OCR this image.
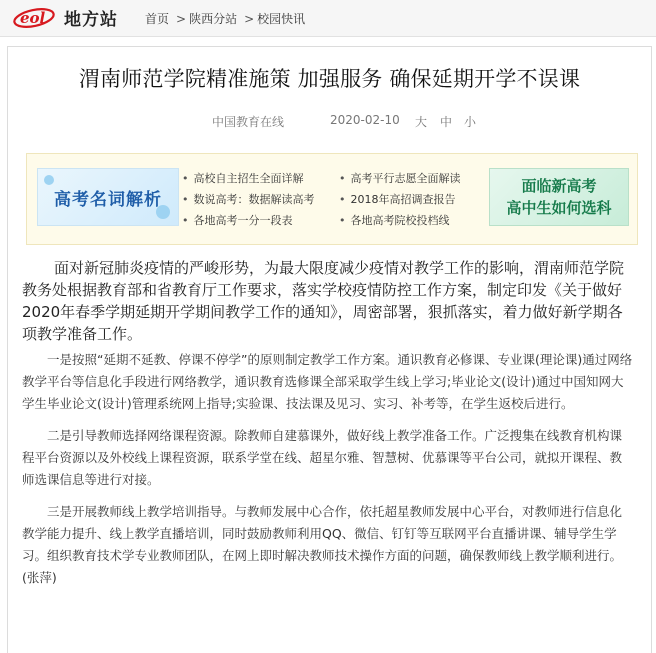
eol 地方站 首页 > 陕西分站 > 校园快讯
渭南师范学院精准施策 加强服务 确保延期开学不误课
中国教育在线	2020-02-10 大 中 小
高考名词解析
• 高校自主招生全面详解
• 数说高考：数据解读高考
• 各地高考一分一段表
• 高考平行志愿全面解读
• 2018年高招调查报告
• 各地高考院校投档线
面临新高考
高中生如何选科

面对新冠肺炎疫情的严峻形势，为最大限度减少疫情对教学工作的影响，渭南师范学院教务处根据教育部和省教育厅工作要求，落实学校疫情防控工作方案，制定印发《关于做好2020年春季学期延期开学期间教学工作的通知》，周密部署，狠抓落实，着力做好新学期各项教学准备工作。

一是按照“延期不延教、停课不停学”的原则制定教学工作方案。通识教育必修课、专业课(理论课)通过网络教学平台等信息化手段进行网络教学，通识教育选修课全部采取学生线上学习;毕业论文(设计)通过中国知网大学生毕业论文(设计)管理系统网上指导;实验课、技法课及见习、实习、补考等，在学生返校后进行。

二是引导教师选择网络课程资源。除教师自建慕课外，做好线上教学准备工作。广泛搜集在线教育机构课程平台资源以及外校线上课程资源，联系学堂在线、超星尔雅、智慧树、优慕课等平台公司，就拟开课程、教师选课信息等进行对接。

三是开展教师线上教学培训指导。与教师发展中心合作，依托超星教师发展中心平台，对教师进行信息化教学能力提升、线上教学直播培训，同时鼓励教师利用QQ、微信、钉钉等互联网平台直播讲课、辅导学生学习。组织教育技术学专业教师团队，在网上即时解决教师技术操作方面的问题，确保教师线上教学顺利进行。(张萍)
